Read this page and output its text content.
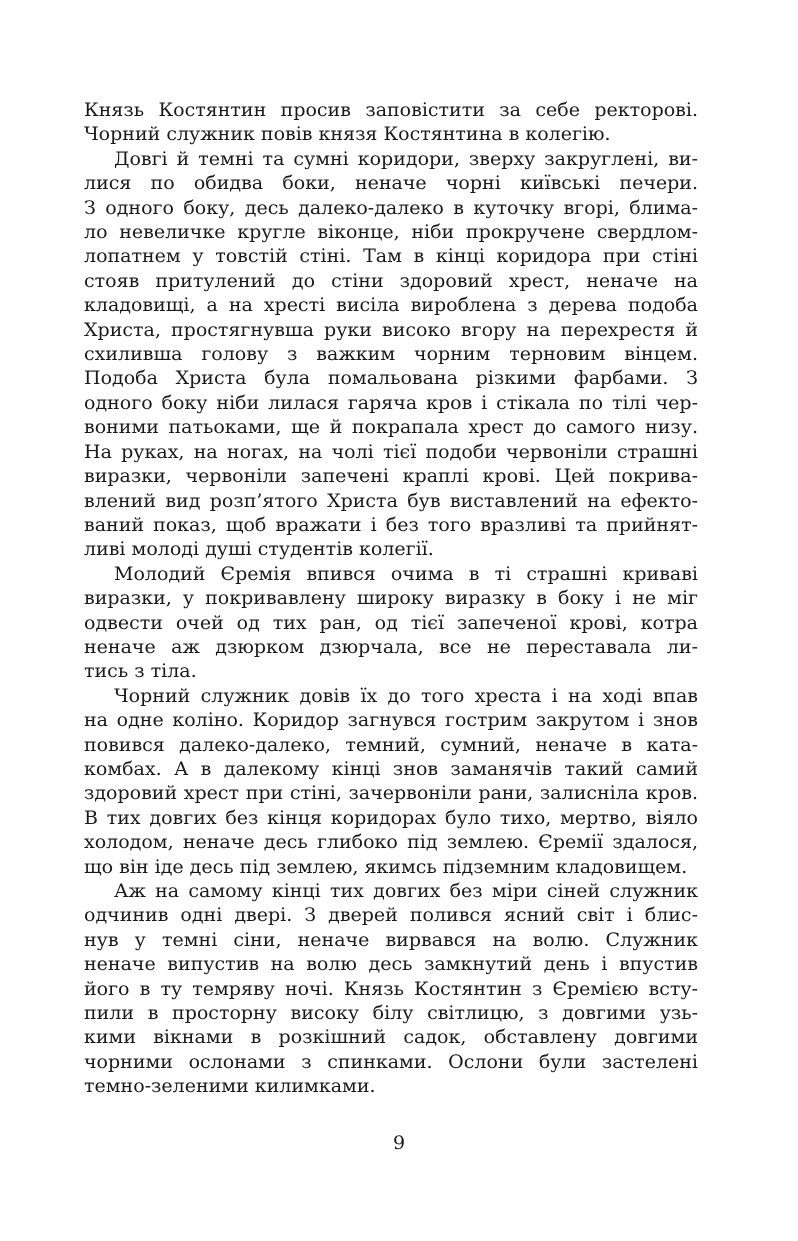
Князь Костянтин просив заповістити за себе ректорові.
Чорний служник повів князя Костянтина в колегію.
Довгі й темні та сумні коридори, зверху закруглені, ви-
лися по обидва боки, неначе чорні київські печери.
З одного боку, десь далеко-далеко в куточку вгорі, блима-
ло невеличке кругле віконце, ніби прокручене свердлом-
лопатнем у товстій стіні. Там в кінці коридора при стіні
стояв притулений до стіни здоровий хрест, неначе на
кладовищі, а на хресті висіла вироблена з дерева подоба
Христа, простягнувша руки високо вгору на перехрестя й
схиливша голову з важким чорним терновим вінцем.
Подоба Христа була помальована різкими фарбами. З
одного боку ніби лилася гаряча кров і стікала по тілі чер-
воними патьоками, ще й покрапала хрест до самого низу.
На руках, на ногах, на чолі тієї подоби червоніли страшні
виразки, червоніли запечені краплі крові. Цей покрива-
влений вид розп’ятого Христа був виставлений на ефекто-
ваний показ, щоб вражати і без того вразливі та прийнят-
ливі молоді душі студентів колегії.
Молодий Єремія впився очима в ті страшні криваві
виразки, у покривавлену широку виразку в боку і не міг
одвести очей од тих ран, од тієї запеченої крові, котра
неначе аж дзюрком дзюрчала, все не переставала ли-
тись з тіла.
Чорний служник довів їх до того хреста і на ході впав
на одне коліно. Коридор загнувся гострим закрутом і знов
повився далеко-далеко, темний, сумний, неначе в ката-
комбах. А в далекому кінці знов заманячів такий самий
здоровий хрест при стіні, зачервоніли рани, залисніла кров.
В тих довгих без кінця коридорах було тихо, мертво, віяло
холодом, неначе десь глибоко під землею. Єремії здалося,
що він іде десь під землею, якимсь підземним кладовищем.
Аж на самому кінці тих довгих без міри сіней служник
одчинив одні двері. З дверей полився ясний світ і блис-
нув у темні сіни, неначе вирвався на волю. Служник
неначе випустив на волю десь замкнутий день і впустив
його в ту темряву ночі. Князь Костянтин з Єремією всту-
пили в просторну високу білу світлицю, з довгими узь-
кими вікнами в розкішний садок, обставлену довгими
чорними ослонами з спинками. Ослони були застелені
темно-зеленими килимками.
9
